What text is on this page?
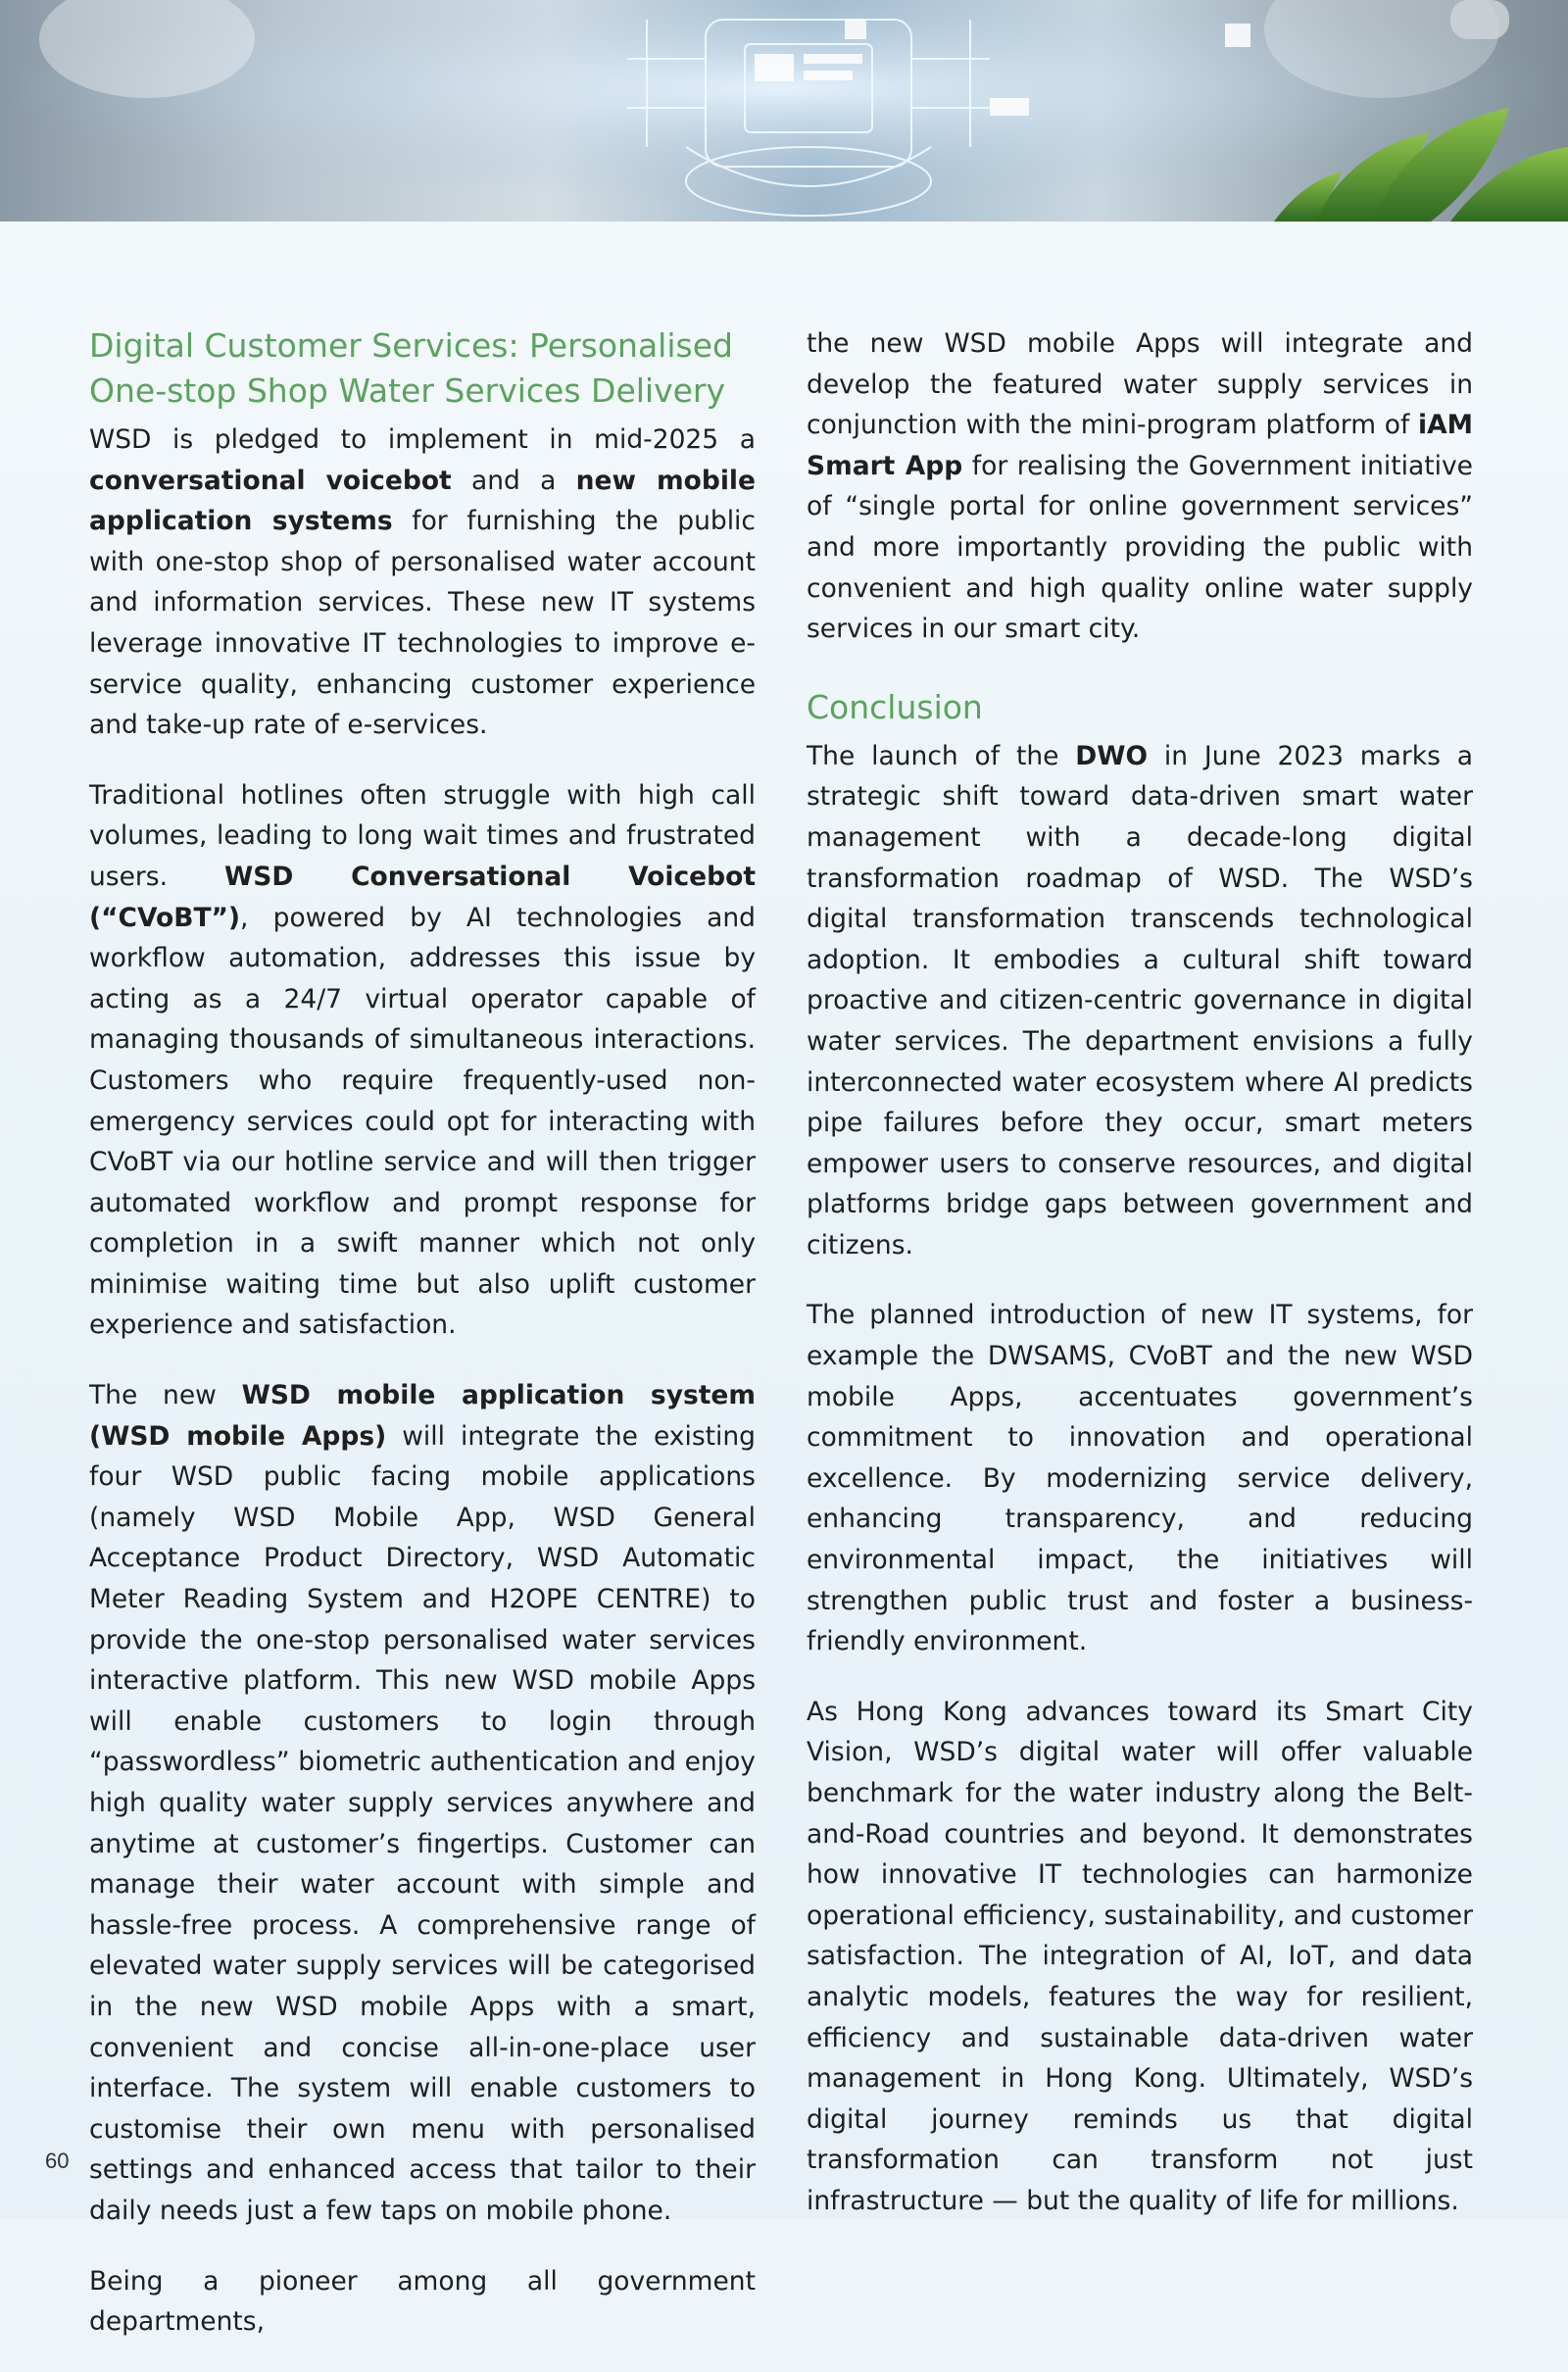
Digital Customer Services: Personalised
One-stop Shop Water Services Delivery

WSD is pledged to implement in mid-2025 a conversational voicebot and a new mobile application systems for furnishing the public with one-stop shop of personalised water account and information services. These new IT systems leverage innovative IT technologies to improve e-service quality, enhancing customer experience and take-up rate of e-services.

Traditional hotlines often struggle with high call volumes, leading to long wait times and frustrated users. WSD Conversational Voicebot (“CVoBT”), powered by AI technologies and workflow automation, addresses this issue by acting as a 24/7 virtual operator capable of managing thousands of simultaneous interactions. Customers who require frequently-used non-emergency services could opt for interacting with CVoBT via our hotline service and will then trigger automated workflow and prompt response for completion in a swift manner which not only minimise waiting time but also uplift customer experience and satisfaction.

The new WSD mobile application system (WSD mobile Apps) will integrate the existing four WSD public facing mobile applications (namely WSD Mobile App, WSD General Acceptance Product Directory, WSD Automatic Meter Reading System and H2OPE CENTRE) to provide the one-stop personalised water services interactive platform. This new WSD mobile Apps will enable customers to login through “passwordless” biometric authentication and enjoy high quality water supply services anywhere and anytime at customer’s fingertips. Customer can manage their water account with simple and hassle-free process. A comprehensive range of elevated water supply services will be categorised in the new WSD mobile Apps with a smart, convenient and concise all-in-one-place user interface. The system will enable customers to customise their own menu with personalised settings and enhanced access that tailor to their daily needs just a few taps on mobile phone.

Being a pioneer among all government departments,

the new WSD mobile Apps will integrate and develop the featured water supply services in conjunction with the mini-program platform of iAM Smart App for realising the Government initiative of “single portal for online government services” and more importantly providing the public with convenient and high quality online water supply services in our smart city.

Conclusion

The launch of the DWO in June 2023 marks a strategic shift toward data-driven smart water management with a decade-long digital transformation roadmap of WSD. The WSD’s digital transformation transcends technological adoption. It embodies a cultural shift toward proactive and citizen-centric governance in digital water services. The department envisions a fully interconnected water ecosystem where AI predicts pipe failures before they occur, smart meters empower users to conserve resources, and digital platforms bridge gaps between government and citizens.

The planned introduction of new IT systems, for example the DWSAMS, CVoBT and the new WSD mobile Apps, accentuates government’s commitment to innovation and operational excellence. By modernizing service delivery, enhancing transparency, and reducing environmental impact, the initiatives will strengthen public trust and foster a business-friendly environment.

As Hong Kong advances toward its Smart City Vision, WSD’s digital water will offer valuable benchmark for the water industry along the Belt-and-Road countries and beyond. It demonstrates how innovative IT technologies can harmonize operational efficiency, sustainability, and customer satisfaction. The integration of AI, IoT, and data analytic models, features the way for resilient, efficiency and sustainable data-driven water management in Hong Kong. Ultimately, WSD’s digital journey reminds us that digital transformation can transform not just infrastructure — but the quality of life for millions.

60
